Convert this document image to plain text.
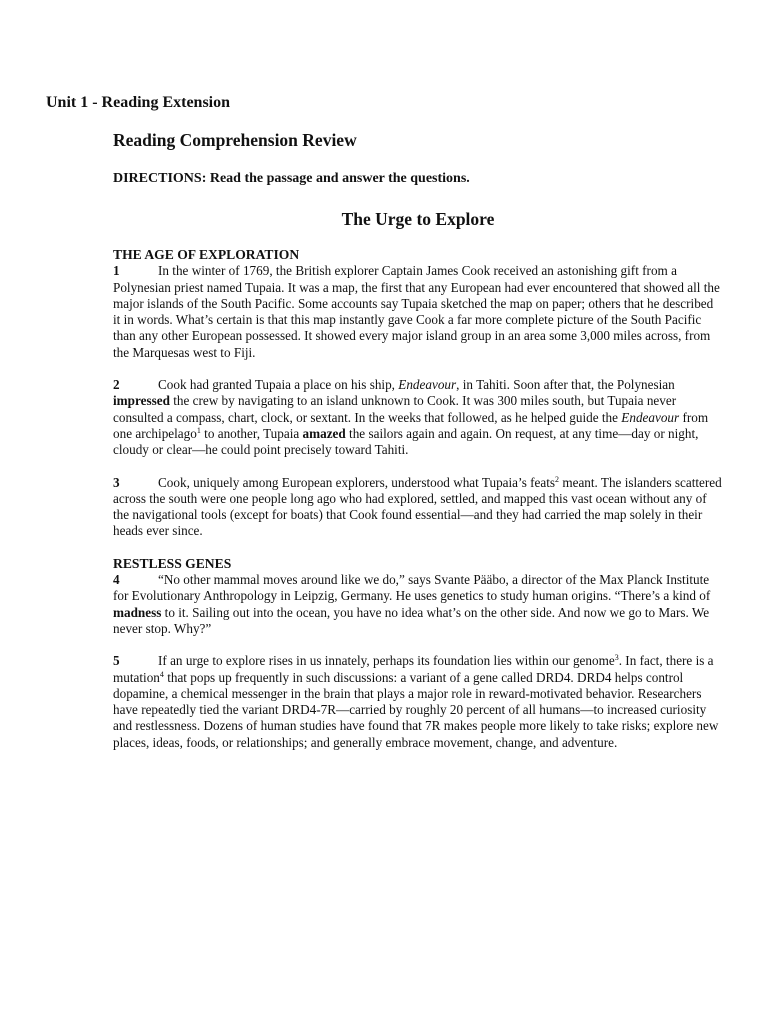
Unit 1 - Reading Extension
Reading Comprehension Review
DIRECTIONS: Read the passage and answer the questions.
The Urge to Explore
THE AGE OF EXPLORATION

1	In the winter of 1769, the British explorer Captain James Cook received an astonishing gift from a Polynesian priest named Tupaia. It was a map, the first that any European had ever encountered that showed all the major islands of the South Pacific. Some accounts say Tupaia sketched the map on paper; others that he described it in words. What’s certain is that this map instantly gave Cook a far more complete picture of the South Pacific than any other European possessed. It showed every major island group in an area some 3,000 miles across, from the Marquesas west to Fiji.

2	Cook had granted Tupaia a place on his ship, Endeavour, in Tahiti. Soon after that, the Polynesian impressed the crew by navigating to an island unknown to Cook. It was 300 miles south, but Tupaia never consulted a compass, chart, clock, or sextant. In the weeks that followed, as he helped guide the Endeavour from one archipelago$^1$ to another, Tupaia amazed the sailors again and again. On request, at any time—day or night, cloudy or clear—he could point precisely toward Tahiti.

3	Cook, uniquely among European explorers, understood what Tupaia’s feats$^2$ meant. The islanders scattered across the south were one people long ago who had explored, settled, and mapped this vast ocean without any of the navigational tools (except for boats) that Cook found essential—and they had carried the map solely in their heads ever since.

RESTLESS GENES

4	“No other mammal moves around like we do,” says Svante Pääbo, a director of the Max Planck Institute for Evolutionary Anthropology in Leipzig, Germany. He uses genetics to study human origins. “There’s a kind of madness to it. Sailing out into the ocean, you have no idea what’s on the other side. And now we go to Mars. We never stop. Why?”

5	If an urge to explore rises in us innately, perhaps its foundation lies within our genome$^3$. In fact, there is a mutation$^4$ that pops up frequently in such discussions: a variant of a gene called DRD4. DRD4 helps control dopamine, a chemical messenger in the brain that plays a major role in reward-motivated behavior. Researchers have repeatedly tied the variant DRD4-7R—carried by roughly 20 percent of all humans—to increased curiosity and restlessness. Dozens of human studies have found that 7R makes people more likely to take risks; explore new places, ideas, foods, or relationships; and generally embrace movement, change, and adventure.
